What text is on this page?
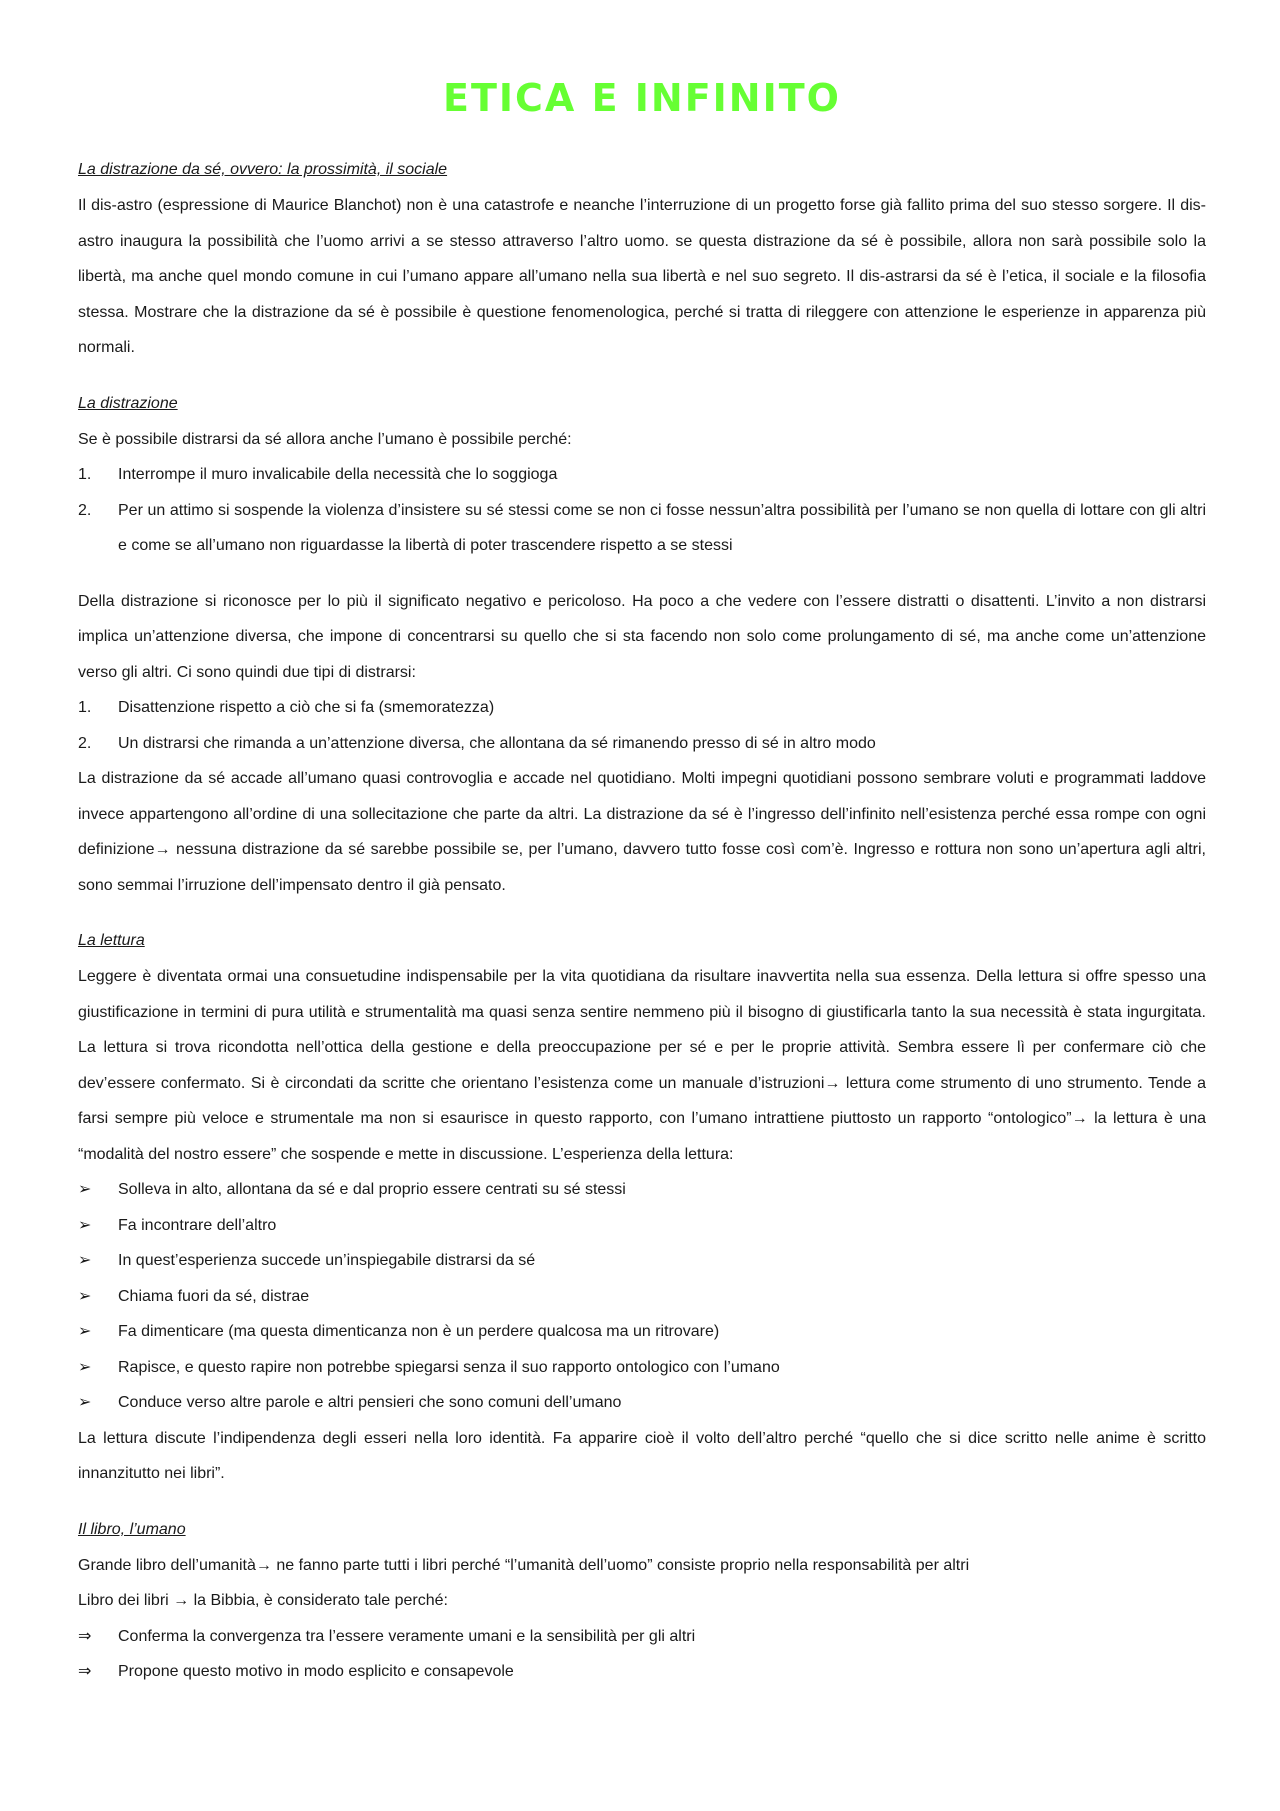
ETICA E INFINITO
La distrazione da sé, ovvero: la prossimità, il sociale

Il dis-astro (espressione di Maurice Blanchot) non è una catastrofe e neanche l’interruzione di un progetto forse già fallito prima del suo stesso sorgere. Il dis-astro inaugura la possibilità che l’uomo arrivi a se stesso attraverso l’altro uomo. se questa distrazione da sé è possibile, allora non sarà possibile solo la libertà, ma anche quel mondo comune in cui l’umano appare all’umano nella sua libertà e nel suo segreto. Il dis-astrarsi da sé è l’etica, il sociale e la filosofia stessa. Mostrare che la distrazione da sé è possibile è questione fenomenologica, perché si tratta di rileggere con attenzione le esperienze in apparenza più normali.

La distrazione

Se è possibile distrarsi da sé allora anche l’umano è possibile perché:

1.	Interrompe il muro invalicabile della necessità che lo soggioga
2.	Per un attimo si sospende la violenza d’insistere su sé stessi come se non ci fosse nessun’altra possibilità per l’umano se non quella di lottare con gli altri e come se all’umano non riguardasse la libertà di poter trascendere rispetto a se stessi

Della distrazione si riconosce per lo più il significato negativo e pericoloso. Ha poco a che vedere con l’essere distratti o disattenti. L’invito a non distrarsi implica un’attenzione diversa, che impone di concentrarsi su quello che si sta facendo non solo come prolungamento di sé, ma anche come un’attenzione verso gli altri. Ci sono quindi due tipi di distrarsi:

1.	Disattenzione rispetto a ciò che si fa (smemoratezza)
2.	Un distrarsi che rimanda a un’attenzione diversa, che allontana da sé rimanendo presso di sé in altro modo

La distrazione da sé accade all’umano quasi controvoglia e accade nel quotidiano. Molti impegni quotidiani possono sembrare voluti e programmati laddove invece appartengono all’ordine di una sollecitazione che parte da altri. La distrazione da sé è l’ingresso dell’infinito nell’esistenza perché essa rompe con ogni definizione→ nessuna distrazione da sé sarebbe possibile se, per l’umano, davvero tutto fosse così com’è. Ingresso e rottura non sono un’apertura agli altri, sono semmai l’irruzione dell’impensato dentro il già pensato.

La lettura

Leggere è diventata ormai una consuetudine indispensabile per la vita quotidiana da risultare inavvertita nella sua essenza. Della lettura si offre spesso una giustificazione in termini di pura utilità e strumentalità ma quasi senza sentire nemmeno più il bisogno di giustificarla tanto la sua necessità è stata ingurgitata. La lettura si trova ricondotta nell’ottica della gestione e della preoccupazione per sé e per le proprie attività. Sembra essere lì per confermare ciò che dev’essere confermato. Si è circondati da scritte che orientano l’esistenza come un manuale d’istruzioni→ lettura come strumento di uno strumento. Tende a farsi sempre più veloce e strumentale ma non si esaurisce in questo rapporto, con l’umano intrattiene piuttosto un rapporto “ontologico”→ la lettura è una “modalità del nostro essere” che sospende e mette in discussione. L’esperienza della lettura:

➢	Solleva in alto, allontana da sé e dal proprio essere centrati su sé stessi
➢	Fa incontrare dell’altro
➢	In quest’esperienza succede un’inspiegabile distrarsi da sé
➢	Chiama fuori da sé, distrae
➢	Fa dimenticare (ma questa dimenticanza non è un perdere qualcosa ma un ritrovare)
➢	Rapisce, e questo rapire non potrebbe spiegarsi senza il suo rapporto ontologico con l’umano
➢	Conduce verso altre parole e altri pensieri che sono comuni dell’umano

La lettura discute l’indipendenza degli esseri nella loro identità. Fa apparire cioè il volto dell’altro perché “quello che si dice scritto nelle anime è scritto innanzitutto nei libri”.

Il libro, l’umano

Grande libro dell’umanità→ ne fanno parte tutti i libri perché “l’umanità dell’uomo” consiste proprio nella responsabilità per altri

Libro dei libri → la Bibbia, è considerato tale perché:

⇒	Conferma la convergenza tra l’essere veramente umani e la sensibilità per gli altri
⇒	Propone questo motivo in modo esplicito e consapevole
